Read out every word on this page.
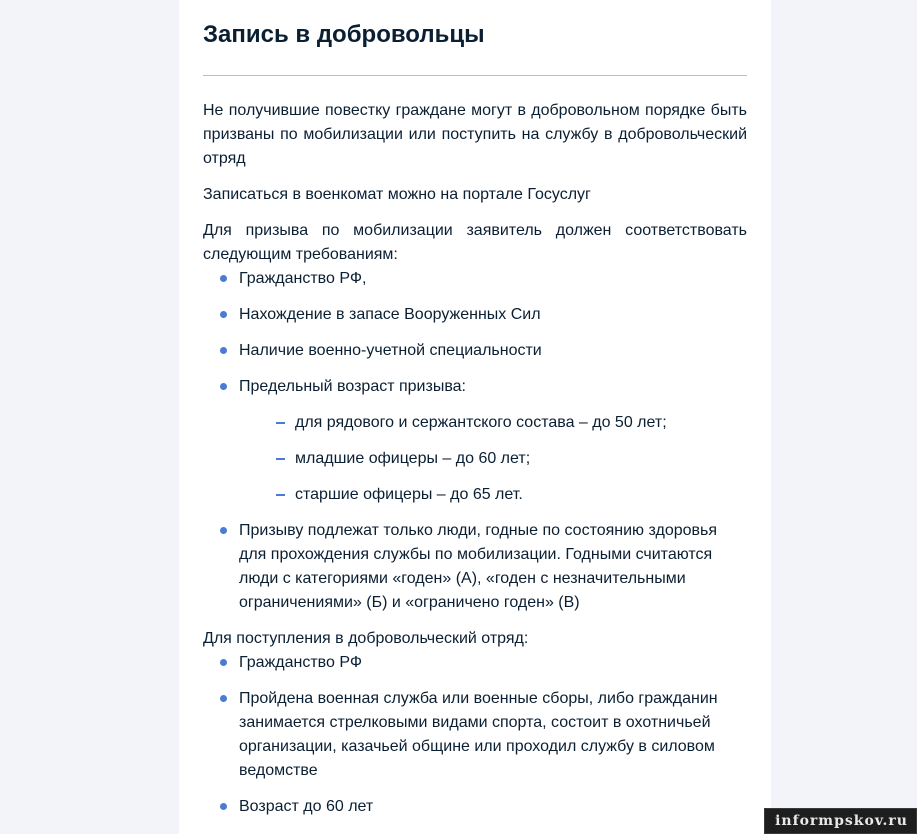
Запись в добровольцы

Не получившие повестку граждане могут в добровольном порядке быть призваны по мобилизации или поступить на службу в добровольческий отряд

Записаться в военкомат можно на портале Госуслуг

Для призыва по мобилизации заявитель должен соответствовать следующим требованиям:

Гражданство РФ,
Нахождение в запасе Вооруженных Сил
Наличие военно-учетной специальности
Предельный возраст призыва:
для рядового и сержантского состава – до 50 лет;
младшие офицеры – до 60 лет;
старшие офицеры – до 65 лет.
Призыву подлежат только люди, годные по состоянию здоровья для прохождения службы по мобилизации. Годными считаются люди с категориями «годен» (А), «годен с незначительными ограничениями» (Б) и «ограничено годен» (В)

Для поступления в добровольческий отряд:

Гражданство РФ
Пройдена военная служба или военные сборы, либо гражданин занимается стрелковыми видами спорта, состоит в охотничьей организации, казачьей общине или проходил службу в силовом ведомстве
Возраст до 60 лет
informpskov.ru
